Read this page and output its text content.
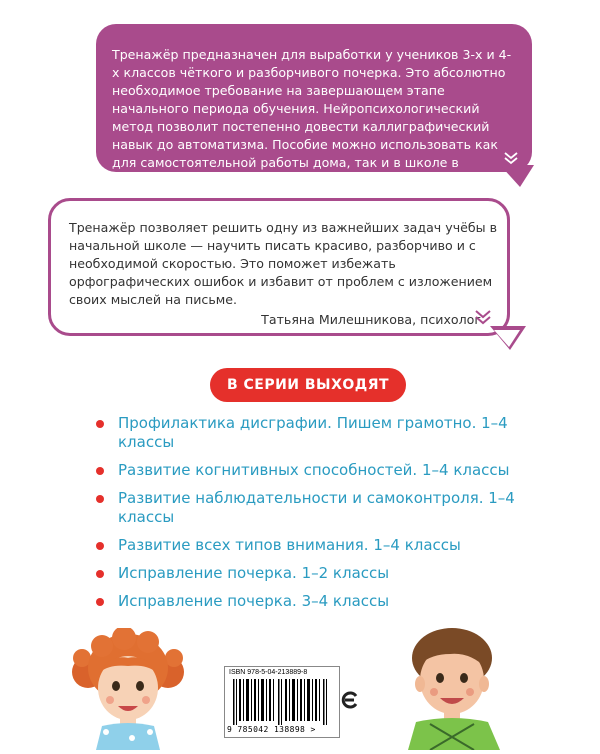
Тренажёр предназначен для выработки у учеников 3-х и 4-х классов чёткого и разборчивого почерка. Это абсолютно необходимое требование на завершающем этапе начального периода обучения. Нейропсихологический метод позволит постепенно довести каллиграфический навык до автоматизма. Пособие можно использовать как для самостоятельной работы дома, так и в школе в качестве дополнительного материала.

Тренажёр позволяет решить одну из важнейших задач учёбы в начальной школе — научить писать красиво, разборчиво и с необходимой скоростью. Это поможет избежать орфографических ошибок и избавит от проблем с изложением своих мыслей на письме.

Татьяна Милешникова, психолог
В СЕРИИ ВЫХОДЯТ
Профилактика дисграфии. Пишем грамотно. 1–4 классы
Развитие когнитивных способностей. 1–4 классы
Развитие наблюдательности и самоконтроля. 1–4 классы
Развитие всех типов внимания. 1–4 классы
Исправление почерка. 1–2 классы
Исправление почерка. 3–4 классы
ISBN 978-5-04-213889-8
9 785042 138898 >
